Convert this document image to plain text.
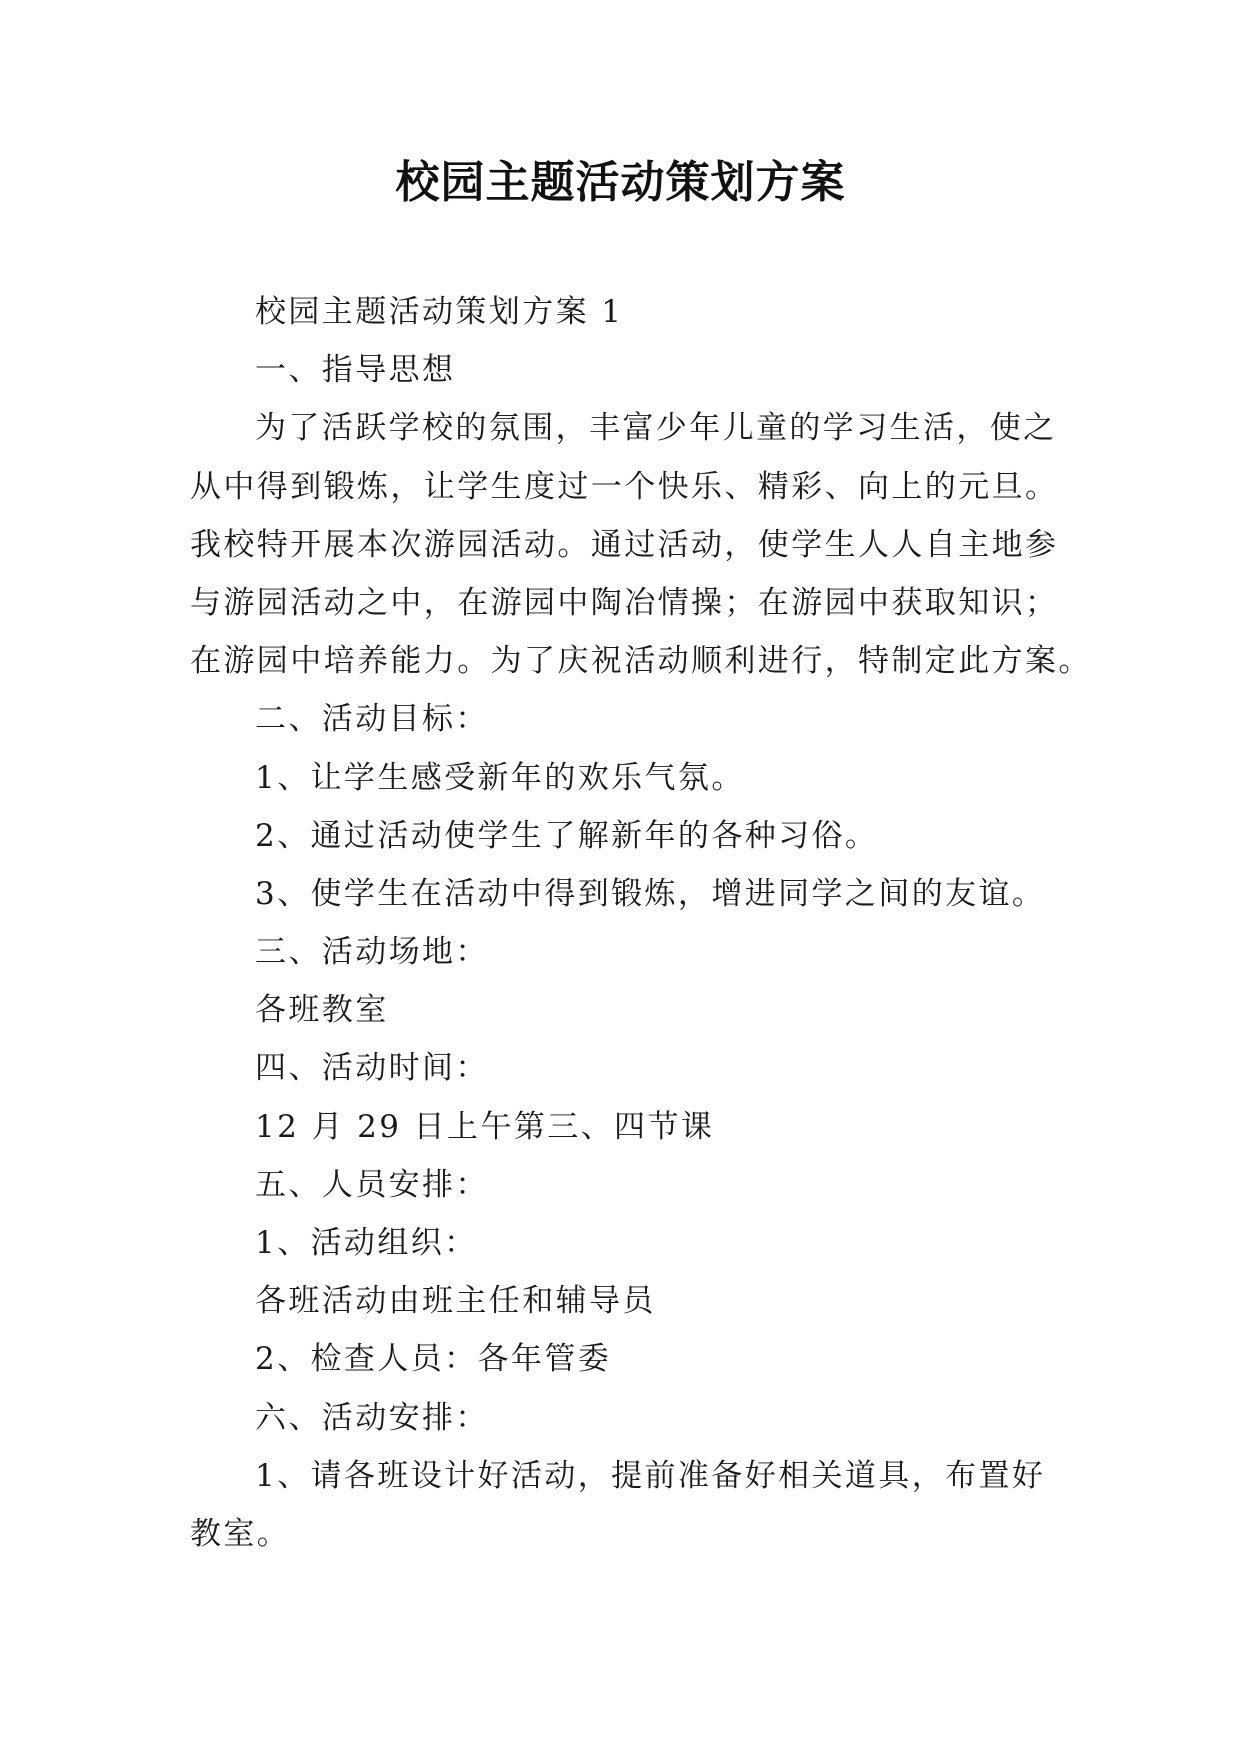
校园主题活动策划方案

校园主题活动策划方案 1

一、指导思想

为了活跃学校的氛围，丰富少年儿童的学习生活，使之

从中得到锻炼，让学生度过一个快乐、精彩、向上的元旦。

我校特开展本次游园活动。通过活动，使学生人人自主地参

与游园活动之中，在游园中陶冶情操；在游园中获取知识；

在游园中培养能力。为了庆祝活动顺利进行，特制定此方案。

二、活动目标：

1、让学生感受新年的欢乐气氛。

2、通过活动使学生了解新年的各种习俗。

3、使学生在活动中得到锻炼，增进同学之间的友谊。

三、活动场地：

各班教室

四、活动时间：

12 月 29 日上午第三、四节课

五、人员安排：

1、活动组织：

各班活动由班主任和辅导员

2、检查人员：各年管委

六、活动安排：

1、请各班设计好活动，提前准备好相关道具，布置好

教室。
